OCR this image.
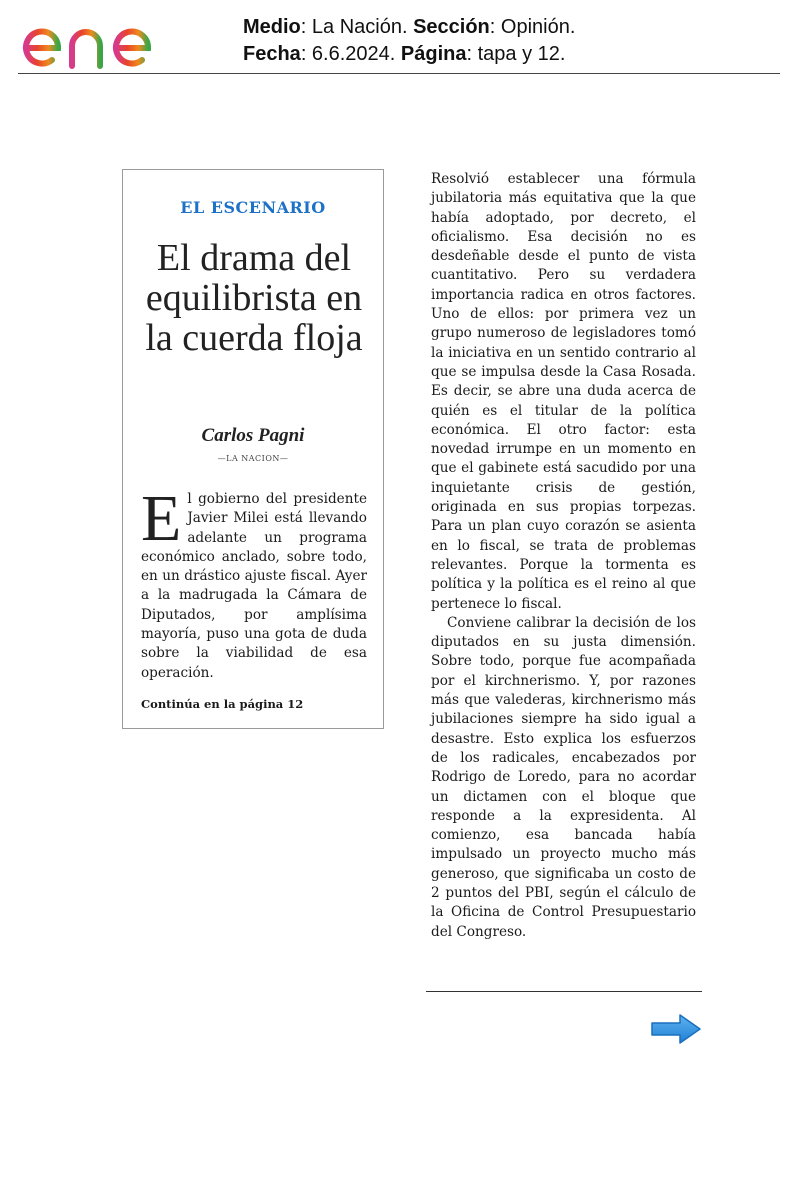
Medio: La Nación. Sección: Opinión.
Fecha: 6.6.2024. Página: tapa y 12.
EL ESCENARIO
El drama del equilibrista en la cuerda floja
Carlos Pagni
—LA NACION—
El gobierno del presidente Javier Milei está llevando adelante un programa económico anclado, sobre todo, en un drástico ajuste fiscal. Ayer a la madrugada la Cámara de Diputados, por amplísima mayoría, puso una gota de duda sobre la viabilidad de esa operación.
Continúa en la página 12

Resolvió establecer una fórmula jubilatoria más equitativa que la que había adoptado, por decreto, el oficialismo. Esa decisión no es desdeñable desde el punto de vista cuantitativo. Pero su verdadera importancia radica en otros factores. Uno de ellos: por primera vez un grupo numeroso de legisladores tomó la iniciativa en un sentido contrario al que se impulsa desde la Casa Rosada. Es decir, se abre una duda acerca de quién es el titular de la política económica. El otro factor: esta novedad irrumpe en un momento en que el gabinete está sacudido por una inquietante crisis de gestión, originada en sus propias torpezas. Para un plan cuyo corazón se asienta en lo fiscal, se trata de problemas relevantes. Porque la tormenta es política y la política es el reino al que pertenece lo fiscal.

Conviene calibrar la decisión de los diputados en su justa dimensión. Sobre todo, porque fue acompañada por el kirchnerismo. Y, por razones más que valederas, kirchnerismo más jubilaciones siempre ha sido igual a desastre. Esto explica los esfuerzos de los radicales, encabezados por Rodrigo de Loredo, para no acordar un dictamen con el bloque que responde a la expresidenta. Al comienzo, esa bancada había impulsado un proyecto mucho más generoso, que significaba un costo de 2 puntos del PBI, según el cálculo de la Oficina de Control Presupuestario del Congreso.
